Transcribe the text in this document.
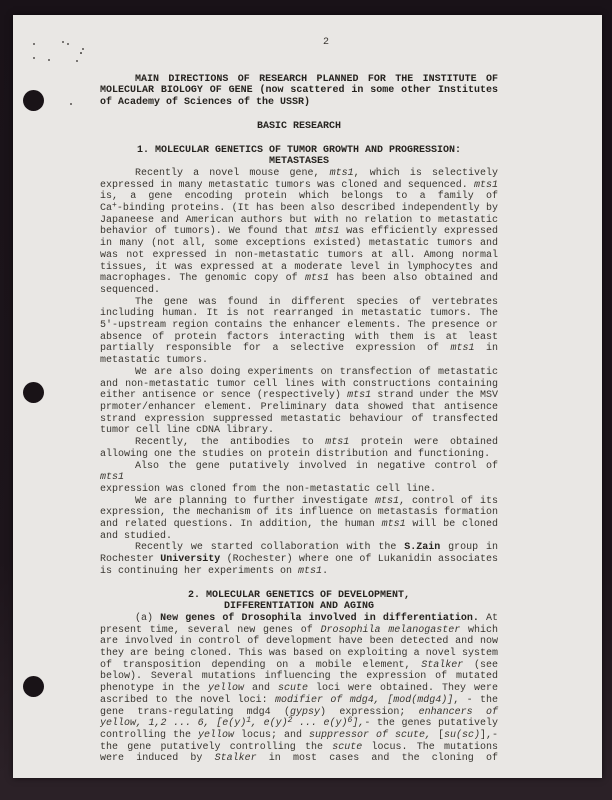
2
MAIN DIRECTIONS OF RESEARCH PLANNED FOR THE INSTITUTE OF
MOLECULAR BIOLOGY OF GENE (now scattered in some other Institutes
of Academy of Sciences of the USSR)
BASIC RESEARCH
1. MOLECULAR GENETICS OF TUMOR GROWTH AND PROGRESSION:
METASTASES
Recently a novel mouse gene, mts1, which is selectively
expressed in many metastatic tumors was cloned and sequenced. mts1
is, a gene encoding protein which belongs to a family of
Ca+-binding proteins. (It has been also described independently by
Japaneese and American authors but with no relation to metastatic
behavior of tumors). We found that mts1 was efficiently expressed
in many (not all, some exceptions existed) metastatic tumors and
was not expressed in non-metastatic tumors at all. Among normal
tissues, it was expressed at a moderate level in lymphocytes and
macrophages. The genomic copy of mts1 has been also obtained and
sequenced.
The gene was found in different species of vertebrates
including human. It is not rearranged in metastatic tumors. The
5'-upstream region contains the enhancer elements. The presence or
absence of protein factors interacting with them is at least
partially responsible for a selective expression of mts1 in
metastatic tumors.
We are also doing experiments on transfection of metastatic
and non-metastatic tumor cell lines with constructions containing
either antisence or sence (respectively) mts1 strand under the MSV
prmoter/enhancer element. Preliminary data showed that antisence
strand expression suppressed metastatic behaviour of transfected
tumor cell line cDNA library.
Recently, the antibodies to mts1 protein were obtained
allowing one the studies on protein distribution and functioning.
Also the gene putatively involved in negative control of mts1
expression was cloned from the non-metastatic cell line.
We are planning to further investigate mts1, control of its
expression, the mechanism of its influence on metastasis formation
and related questions. In addition, the human mts1 will be cloned
and studied.
Recently we started collaboration with the S.Zain group in
Rochester University (Rochester) where one of Lukanidin associates
is continuing her experiments on mts1.
2. MOLECULAR GENETICS OF DEVELOPMENT,
DIFFERENTIATION AND AGING
(a) New genes of Drosophila involved in differentiation. At
present time, several new genes of Drosophila melanogaster which
are involved in control of development have been detected and now
they are being cloned. This was based on exploiting a novel system
of transposition depending on a mobile element, Stalker (see
below). Several mutations influencing the expression of mutated
phenotype in the yellow and scute loci were obtained. They were
ascribed to the novel loci: modifier of mdg4, [mod(mdg4)], - the
gene trans-regulating mdg4 (gypsy) expression; enhancers of
yellow, 1,2 ... 6, [$e(y)^1$, $e(y)^2$ ... $e(y)^6],-$ the genes putatively
controlling the yellow locus; and suppressor of scute, [su(sc)],-
the gene putatively controlling the scute locus. The mutations
were induced by Stalker in most cases and the cloning of
